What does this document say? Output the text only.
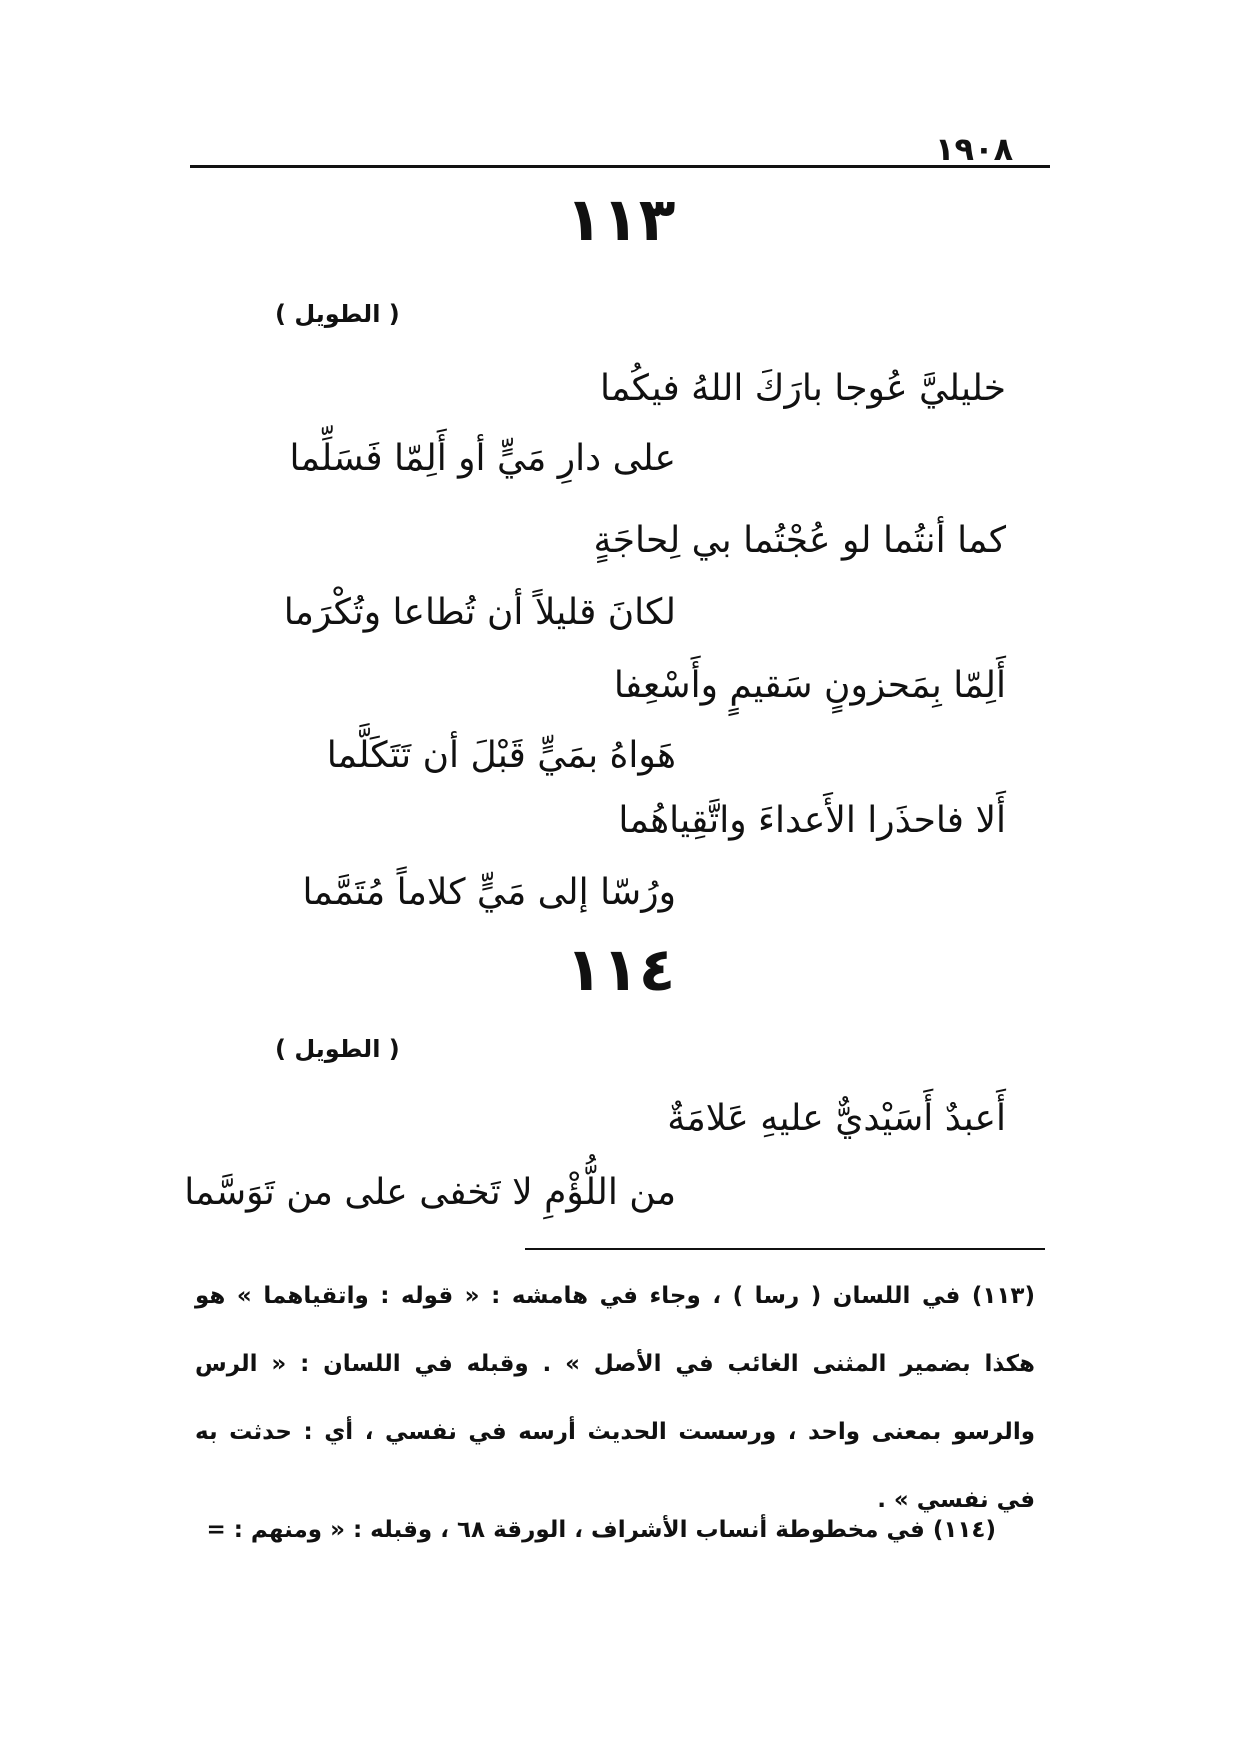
١٩٠٨
١١٣
( الطويل )
خليليَّ عُوجا بارَكَ اللهُ فيكُما
على دارِ مَيٍّ أو أَلِمّا فَسَلِّما
كما أنتُما لو عُجْتُما بي لِحاجَةٍ
لكانَ قليلاً أن تُطاعا وتُكْرَما
أَلِمّا بِمَحزونٍ سَقيمٍ وأَسْعِفا
هَواهُ بمَيٍّ قَبْلَ أن تَتَكَلَّما
أَلا فاحذَرا الأَعداءَ واتَّقِياهُما
ورُسّا إلى مَيٍّ كلاماً مُتَمَّما
١١٤
( الطويل )
أَعبدٌ أَسَيْديٌّ عليهِ عَلامَةٌ
من اللُّؤْمِ لا تَخفى على من تَوَسَّما
(١١٣) في اللسان ( رسا ) ، وجاء في هامشه : « قوله : واتقياهما » هو هكذا بضمير المثنى الغائب في الأصل » . وقبله في اللسان : « الرس والرسو بمعنى واحد ، ورسست الحديث أرسه في نفسي ، أي : حدثت به في نفسي » .
(١١٤) في مخطوطة أنساب الأشراف ، الورقة ٦٨ ، وقبله : « ومنهم : =
